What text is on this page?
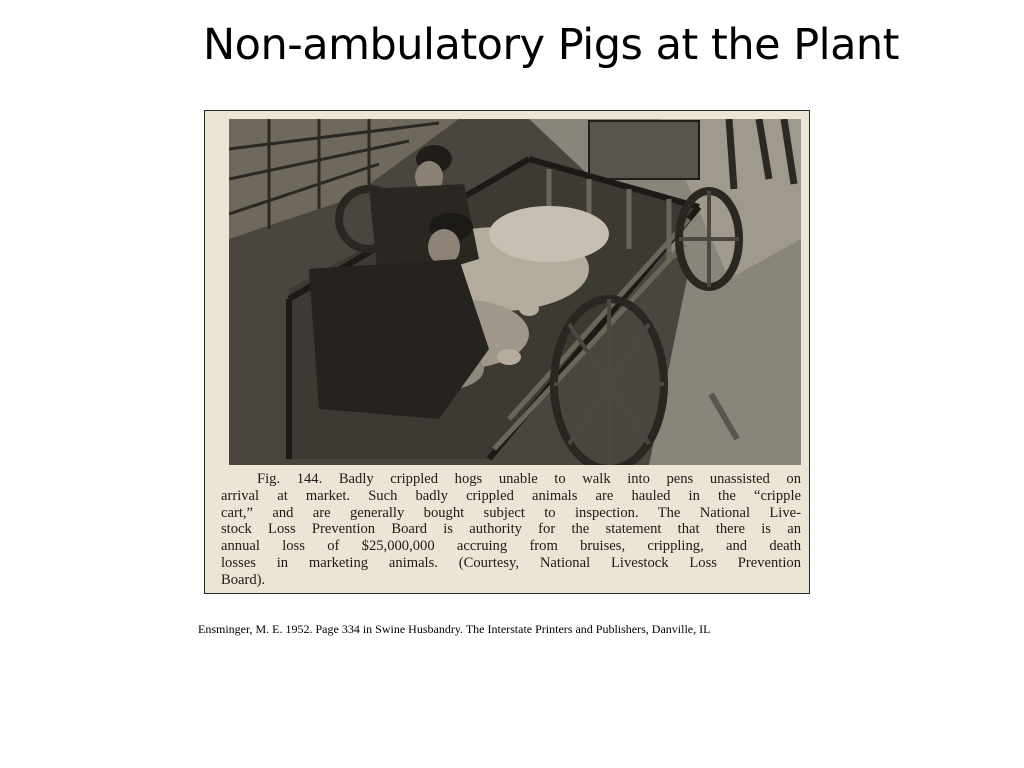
Non-ambulatory Pigs at the Plant
Fig. 144. Badly crippled hogs unable to walk into pens unassisted on
arrival at market. Such badly crippled animals are hauled in the “cripple
cart,” and are generally bought subject to inspection. The National Live-
stock Loss Prevention Board is authority for the statement that there is an
annual loss of $25,000,000 accruing from bruises, crippling, and death
losses in marketing animals. (Courtesy, National Livestock Loss Prevention
Board).
Ensminger, M. E. 1952. Page 334 in Swine Husbandry. The Interstate Printers and Publishers, Danville, IL
